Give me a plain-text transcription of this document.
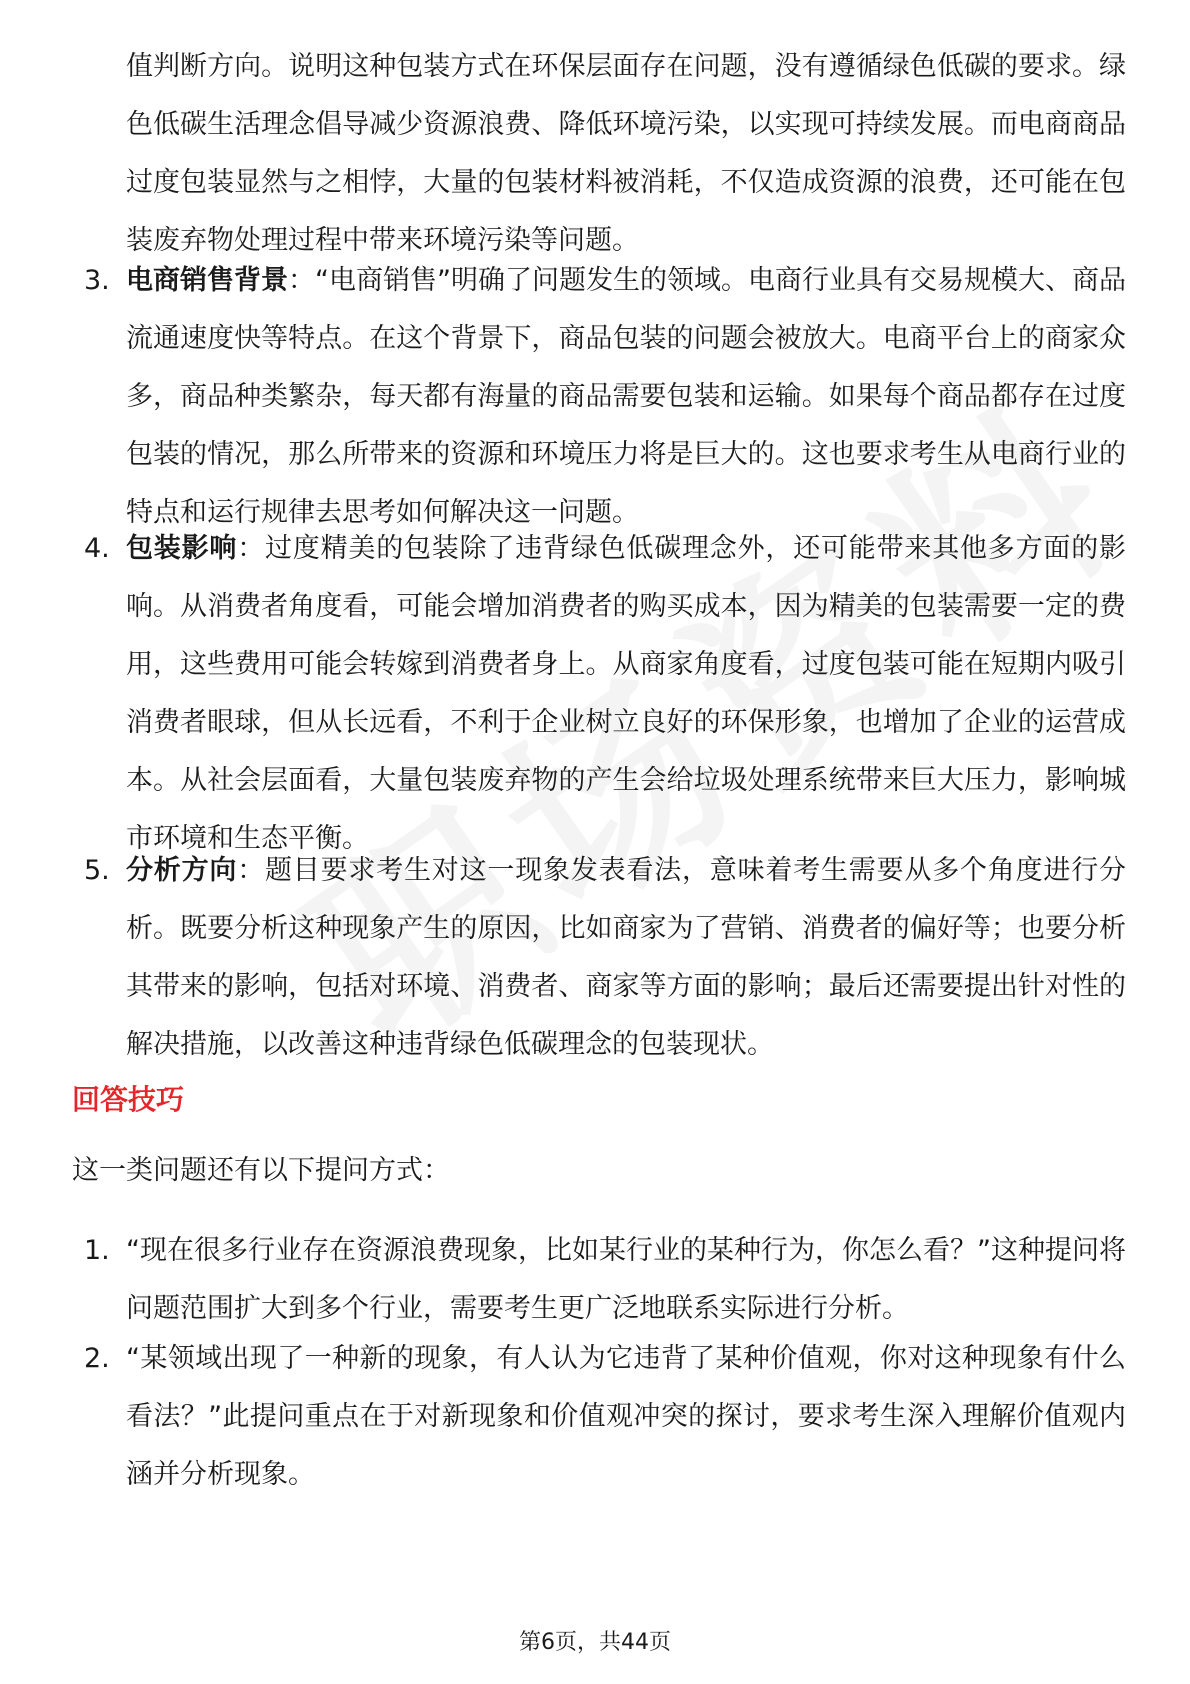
值判断方向。说明这种包装方式在环保层面存在问题，没有遵循绿色低碳的要求。绿色低碳生活理念倡导减少资源浪费、降低环境污染，以实现可持续发展。而电商商品过度包装显然与之相悖，大量的包装材料被消耗，不仅造成资源的浪费，还可能在包装废弃物处理过程中带来环境污染等问题。
3. 电商销售背景：“电商销售”明确了问题发生的领域。电商行业具有交易规模大、商品流通速度快等特点。在这个背景下，商品包装的问题会被放大。电商平台上的商家众多，商品种类繁杂，每天都有海量的商品需要包装和运输。如果每个商品都存在过度包装的情况，那么所带来的资源和环境压力将是巨大的。这也要求考生从电商行业的特点和运行规律去思考如何解决这一问题。
4. 包装影响：过度精美的包装除了违背绿色低碳理念外，还可能带来其他多方面的影响。从消费者角度看，可能会增加消费者的购买成本，因为精美的包装需要一定的费用，这些费用可能会转嫁到消费者身上。从商家角度看，过度包装可能在短期内吸引消费者眼球，但从长远看，不利于企业树立良好的环保形象，也增加了企业的运营成本。从社会层面看，大量包装废弃物的产生会给垃圾处理系统带来巨大压力，影响城市环境和生态平衡。
5. 分析方向：题目要求考生对这一现象发表看法，意味着考生需要从多个角度进行分析。既要分析这种现象产生的原因，比如商家为了营销、消费者的偏好等；也要分析其带来的影响，包括对环境、消费者、商家等方面的影响；最后还需要提出针对性的解决措施，以改善这种违背绿色低碳理念的包装现状。
回答技巧
这一类问题还有以下提问方式：
1. “现在很多行业存在资源浪费现象，比如某行业的某种行为，你怎么看？”这种提问将问题范围扩大到多个行业，需要考生更广泛地联系实际进行分析。
2. “某领域出现了一种新的现象，有人认为它违背了某种价值观，你对这种现象有什么看法？”此提问重点在于对新现象和价值观冲突的探讨，要求考生深入理解价值观内涵并分析现象。
第6页，共44页
